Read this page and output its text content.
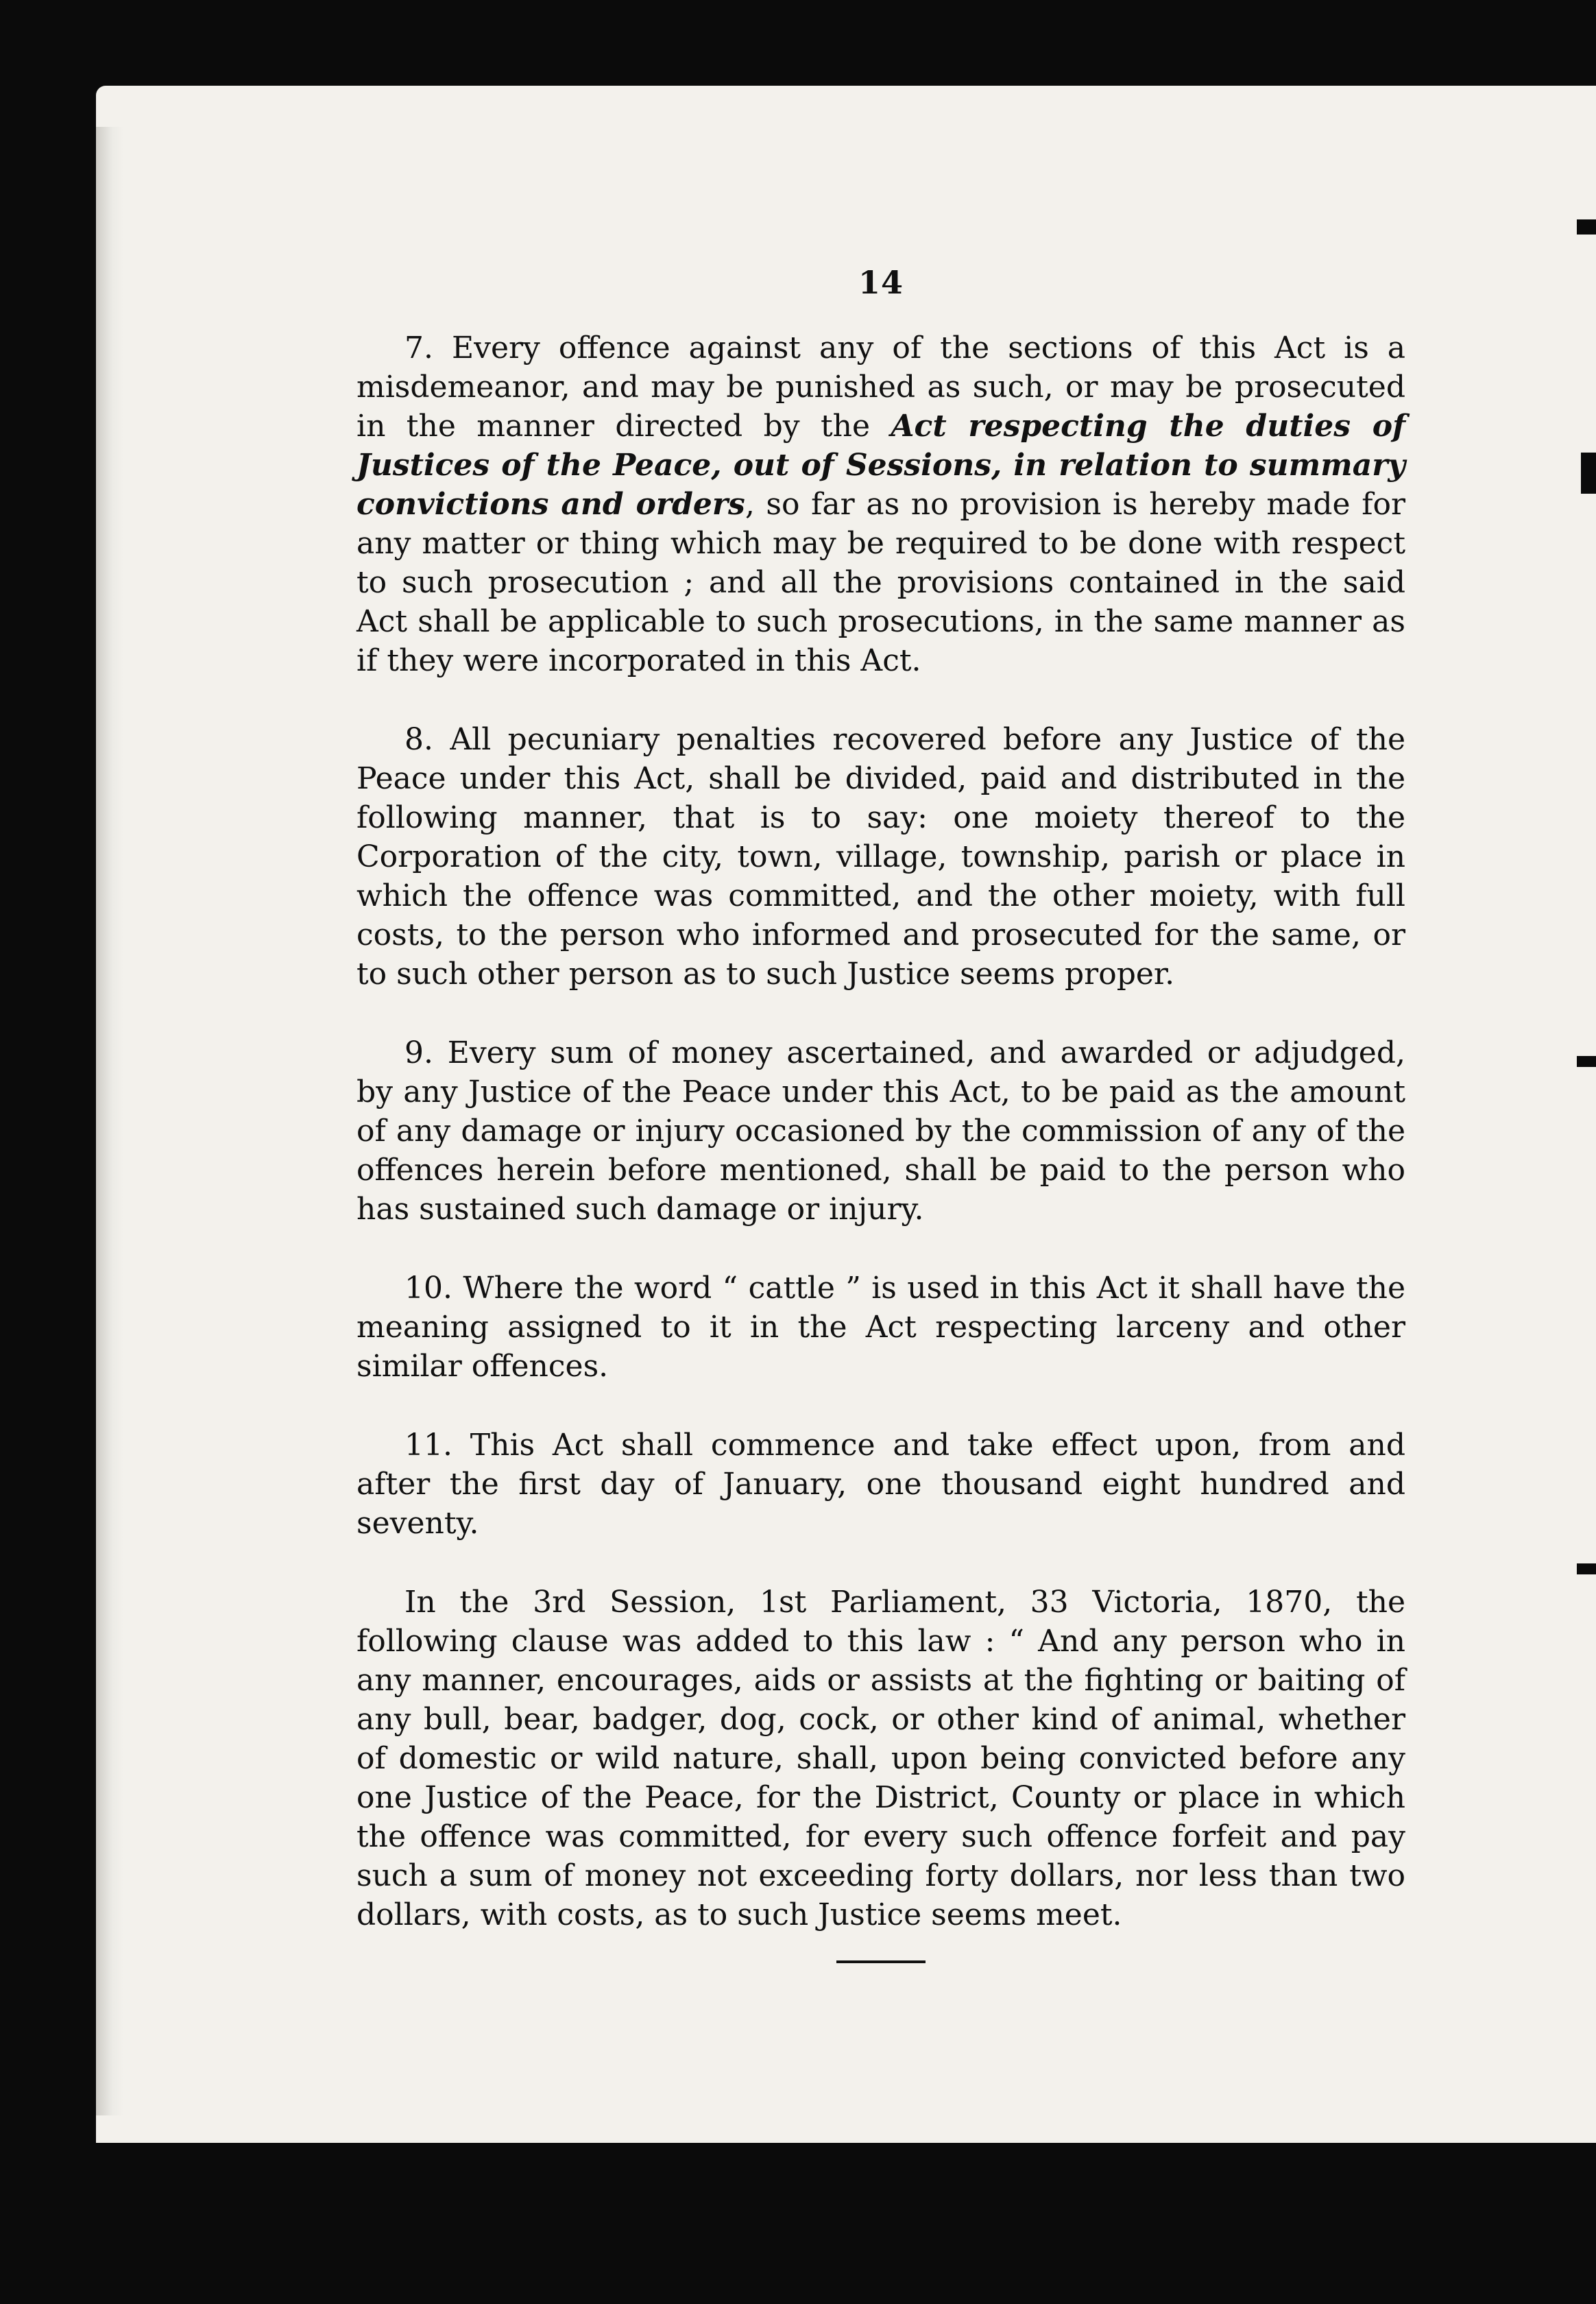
14

7. Every offence against any of the sections of this Act is a misdemeanor, and may be punished as such, or may be prosecuted in the manner directed by the Act respecting the duties of Justices of the Peace, out of Sessions, in relation to summary convictions and orders, so far as no provision is hereby made for any matter or thing which may be required to be done with respect to such prosecution ; and all the provisions contained in the said Act shall be applicable to such prosecutions, in the same manner as if they were incorporated in this Act.

8. All pecuniary penalties recovered before any Justice of the Peace under this Act, shall be divided, paid and distributed in the following manner, that is to say: one moiety thereof to the Corporation of the city, town, village, township, parish or place in which the offence was committed, and the other moiety, with full costs, to the person who informed and prosecuted for the same, or to such other person as to such Justice seems proper.

9. Every sum of money ascertained, and awarded or adjudged, by any Justice of the Peace under this Act, to be paid as the amount of any damage or injury occasioned by the commission of any of the offences herein before mentioned, shall be paid to the person who has sustained such damage or injury.

10. Where the word “ cattle ” is used in this Act it shall have the meaning assigned to it in the Act respecting larceny and other similar offences.

11. This Act shall commence and take effect upon, from and after the first day of January, one thousand eight hundred and seventy.

In the 3rd Session, 1st Parliament, 33 Victoria, 1870, the following clause was added to this law : “ And any person who in any manner, encourages, aids or assists at the fighting or baiting of any bull, bear, badger, dog, cock, or other kind of animal, whether of domestic or wild nature, shall, upon being convicted before any one Justice of the Peace, for the District, County or place in which the offence was committed, for every such offence forfeit and pay such a sum of money not exceeding forty dollars, nor less than two dollars, with costs, as to such Justice seems meet.
